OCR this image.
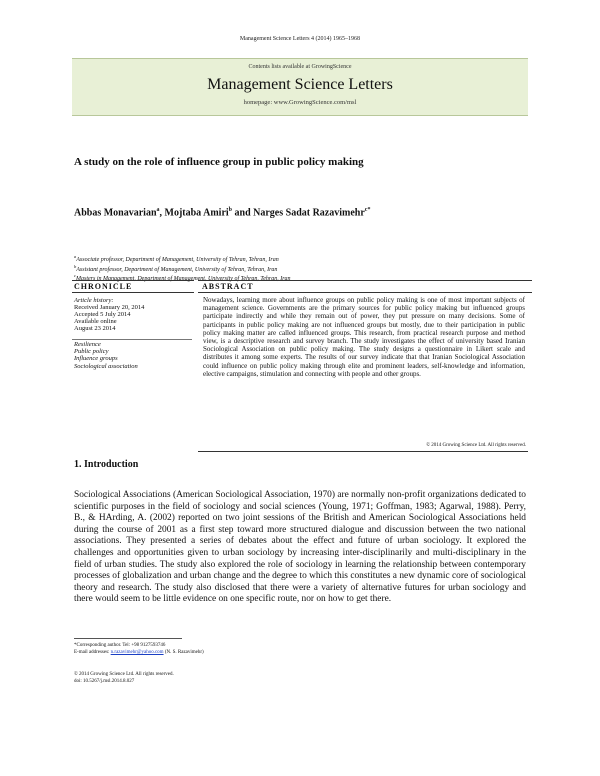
Management Science Letters 4 (2014) 1965–1968
Contents lists available at GrowingScience
Management Science Letters
homepage: www.GrowingScience.com/msl
A study on the role of influence group in public policy making
Abbas Monavarian$^a$, Mojtaba Amiri$^b$ and Narges Sadat Razavimehr$^{c*}$
$^a$Associate professor, Department of Management, University of Tehran, Tehran, Iran
$^b$Assistant professor, Department of Management, University of Tehran, Tehran, Iran
$^c$Masters in Management, Department of Management, University of Tehran, Tehran, Iran
CHRONICLE
Article history:
Received January 20, 2014
Accepted 5 July 2014
Available online
August 23 2014
Resilience
Public policy
Influence groups
Sociological association
ABSTRACT
Nowadays, learning more about influence groups on public policy making is one of most important subjects of management science. Governments are the primary sources for public policy making but influenced groups participate indirectly and while they remain out of power, they put pressure on many decisions. Some of participants in public policy making are not influenced groups but mostly, due to their participation in public policy making matter are called influenced groups. This research, from practical research purpose and method view, is a descriptive research and survey branch. The study investigates the effect of university based Iranian Sociological Association on public policy making. The study designs a questionnaire in Likert scale and distributes it among some experts. The results of our survey indicate that that Iranian Sociological Association could influence on public policy making through elite and prominent leaders, self-knowledge and information, elective campaigns, stimulation and connecting with people and other groups.
© 2014 Growing Science Ltd. All rights reserved.
1. Introduction
Sociological Associations (American Sociological Association, 1970) are normally non-profit organizations dedicated to scientific purposes in the field of sociology and social sciences (Young, 1971; Goffman, 1983; Agarwal, 1988). Perry, B., & HArding, A. (2002) reported on two joint sessions of the British and American Sociological Associations held during the course of 2001 as a first step toward more structured dialogue and discussion between the two national associations. They presented a series of debates about the effect and future of urban sociology. It explored the challenges and opportunities given to urban sociology by increasing inter-disciplinarily and multi-disciplinary in the field of urban studies. The study also explored the role of sociology in learning the relationship between contemporary processes of globalization and urban change and the degree to which this constitutes a new dynamic core of sociological theory and research. The study also disclosed that there were a variety of alternative futures for urban sociology and there would seem to be little evidence on one specific route, nor on how to get there.
*Corresponding author. Tel: +98 9127593746
E-mail addresses: n.razavimehr@yahoo.com (N. S. Razavimehr)
© 2014 Growing Science Ltd. All rights reserved.
doi: 10.5267/j.msl.2014.8.027
